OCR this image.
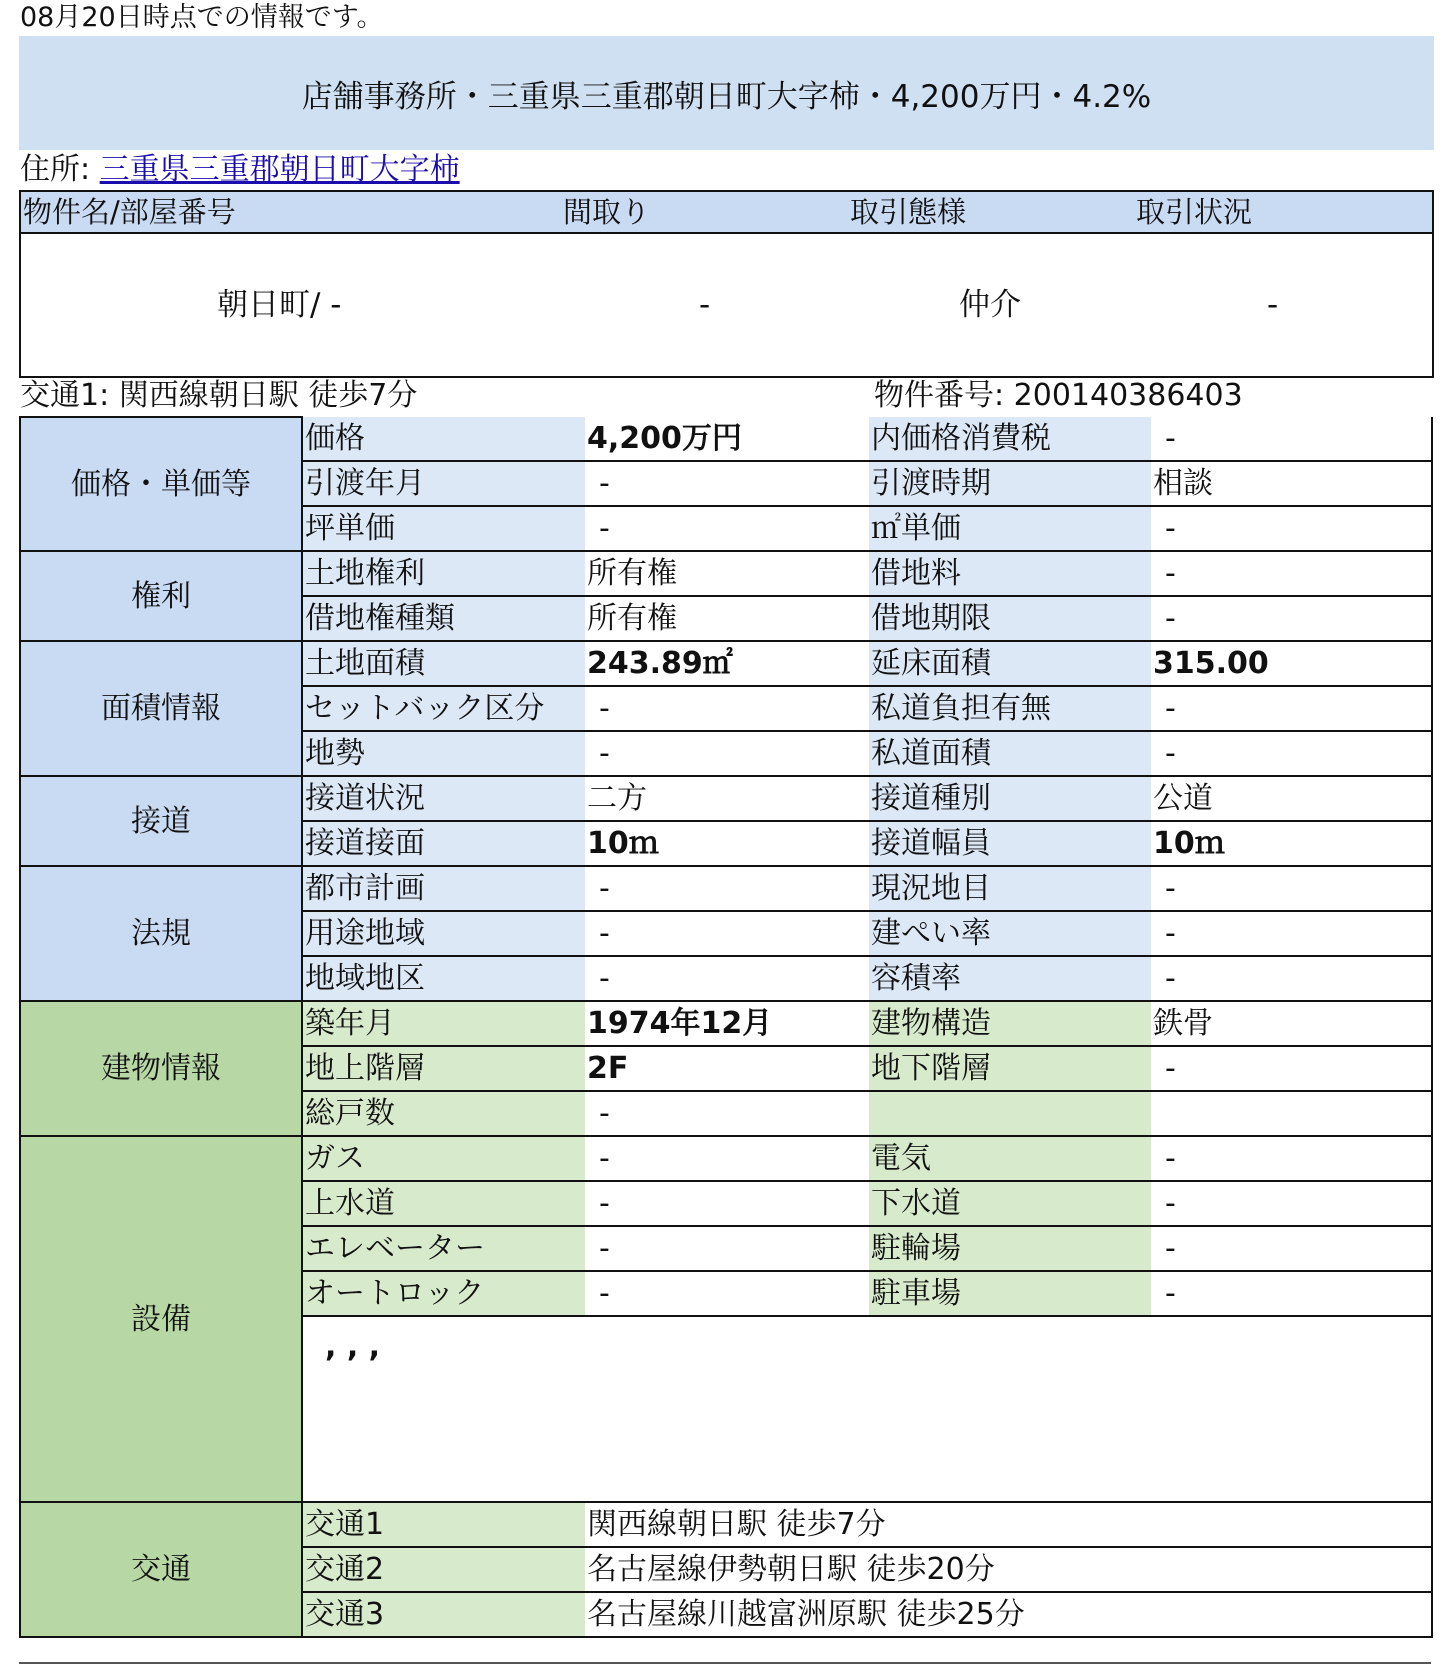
08月20日時点での情報です。
店舗事務所・三重県三重郡朝日町大字柿・4,200万円・4.2%
住所: 三重県三重郡朝日町大字柿
物件名/部屋番号	間取り	取引態様	取引状況
朝日町/ -	-	仲介	-
交通1: 関西線朝日駅 徒歩7分	物件番号: 200140386403
価格・単価等	価格	4,200万円	内価格消費税	-
	引渡年月	-	引渡時期	相談
	坪単価	-	㎡単価	-
権利	土地権利	所有権	借地料	-
	借地権種類	所有権	借地期限	-
面積情報	土地面積	243.89㎡	延床面積	315.00
	セットバック区分	-	私道負担有無	-
	地勢	-	私道面積	-
接道	接道状況	二方	接道種別	公道
	接道接面	10ｍ	接道幅員	10ｍ
法規	都市計画	-	現況地目	-
	用途地域	-	建ぺい率	-
	地域地区	-	容積率	-
建物情報	築年月	1974年12月	建物構造	鉄骨
	地上階層	2F	地下階層	-
	総戸数	-		
設備	ガス	-	電気	-
	上水道	-	下水道	-
	エレベーター	-	駐輪場	-
	オートロック	-	駐車場	-
	, , ,			
交通	交通1	関西線朝日駅 徒歩7分		
	交通2	名古屋線伊勢朝日駅 徒歩20分		
	交通3	名古屋線川越富洲原駅 徒歩25分		
